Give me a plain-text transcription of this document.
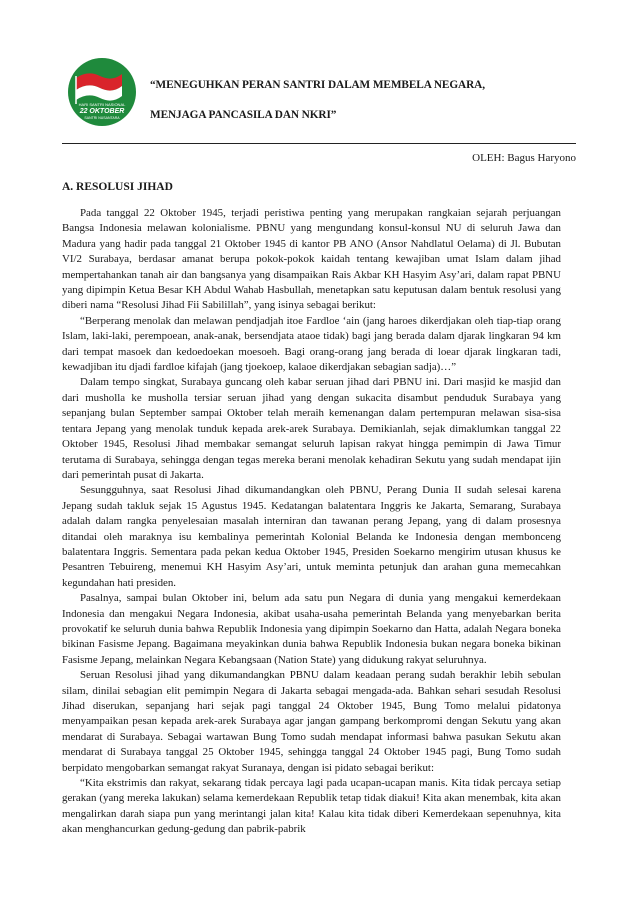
HARI SANTRI NASIONAL
22 OKTOBER
SANTRI NUSANTARA
“MENEGUHKAN PERAN SANTRI DALAM MEMBELA NEGARA,
MENJAGA PANCASILA DAN NKRI”
OLEH: Bagus Haryono
A. RESOLUSI JIHAD

Pada tanggal 22 Oktober 1945, terjadi peristiwa penting yang merupakan rangkaian sejarah perjuangan Bangsa Indonesia melawan kolonialisme. PBNU yang mengundang konsul-konsul NU di seluruh Jawa dan Madura yang hadir pada tanggal 21 Oktober 1945 di kantor PB ANO (Ansor Nahdlatul Oelama) di Jl. Bubutan VI/2 Surabaya, berdasar amanat berupa pokok-pokok kaidah tentang kewajiban umat Islam dalam jihad mempertahankan tanah air dan bangsanya yang disampaikan Rais Akbar KH Hasyim Asy’ari, dalam rapat PBNU yang dipimpin Ketua Besar KH Abdul Wahab Hasbullah, menetapkan satu keputusan dalam bentuk resolusi yang diberi nama “Resolusi Jihad Fii Sabilillah”, yang isinya sebagai berikut:

“Berperang menolak dan melawan pendjadjah itoe Fardloe ‘ain (jang haroes dikerdjakan oleh tiap-tiap orang Islam, laki-laki, perempoean, anak-anak, bersendjata ataoe tidak) bagi jang berada dalam djarak lingkaran 94 km dari tempat masoek dan kedoedoekan moesoeh. Bagi orang-orang jang berada di loear djarak lingkaran tadi, kewadjiban itu djadi fardloe kifajah (jang tjoekoep, kalaoe dikerdjakan sebagian sadja)…”

Dalam tempo singkat, Surabaya guncang oleh kabar seruan jihad dari PBNU ini. Dari masjid ke masjid dan dari musholla ke musholla tersiar seruan jihad yang dengan sukacita disambut penduduk Surabaya yang sepanjang bulan September sampai Oktober telah meraih kemenangan dalam pertempuran melawan sisa-sisa tentara Jepang yang menolak tunduk kepada arek-arek Surabaya. Demikianlah, sejak dimaklumkan tanggal 22 Oktober 1945, Resolusi Jihad membakar semangat seluruh lapisan rakyat hingga pemimpin di Jawa Timur terutama di Surabaya, sehingga dengan tegas mereka berani menolak kehadiran Sekutu yang sudah mendapat ijin dari pemerintah pusat di Jakarta.

Sesungguhnya, saat Resolusi Jihad dikumandangkan oleh PBNU, Perang Dunia II sudah selesai karena Jepang sudah takluk sejak 15 Agustus 1945. Kedatangan balatentara Inggris ke Jakarta, Semarang, Surabaya adalah dalam rangka penyelesaian masalah interniran dan tawanan perang Jepang, yang di dalam prosesnya ditandai oleh maraknya isu kembalinya pemerintah Kolonial Belanda ke Indonesia dengan membonceng balatentara Inggris. Sementara pada pekan kedua Oktober 1945, Presiden Soekarno mengirim utusan khusus ke Pesantren Tebuireng, menemui KH Hasyim Asy’ari, untuk meminta petunjuk dan arahan guna memecahkan kegundahan hati presiden.

Pasalnya, sampai bulan Oktober ini, belum ada satu pun Negara di dunia yang mengakui kemerdekaan Indonesia dan mengakui Negara Indonesia, akibat usaha-usaha pemerintah Belanda yang menyebarkan berita provokatif ke seluruh dunia bahwa Republik Indonesia yang dipimpin Soekarno dan Hatta, adalah Negara boneka bikinan Fasisme Jepang. Bagaimana meyakinkan dunia bahwa Republik Indonesia bukan negara boneka bikinan Fasisme Jepang, melainkan Negara Kebangsaan (Nation State) yang didukung rakyat seluruhnya.

Seruan Resolusi jihad yang dikumandangkan PBNU dalam keadaan perang sudah berakhir lebih sebulan silam, dinilai sebagian elit pemimpin Negara di Jakarta sebagai mengada-ada. Bahkan sehari sesudah Resolusi Jihad diserukan, sepanjang hari sejak pagi tanggal 24 Oktober 1945, Bung Tomo melalui pidatonya menyampaikan pesan kepada arek-arek Surabaya agar jangan gampang berkompromi dengan Sekutu yang akan mendarat di Surabaya. Sebagai wartawan Bung Tomo sudah mendapat informasi bahwa pasukan Sekutu akan mendarat di Surabaya tanggal 25 Oktober 1945, sehingga tanggal 24 Oktober 1945 pagi, Bung Tomo sudah berpidato mengobarkan semangat rakyat Suranaya, dengan isi pidato sebagai berikut:

“Kita ekstrimis dan rakyat, sekarang tidak percaya lagi pada ucapan-ucapan manis. Kita tidak percaya setiap gerakan (yang mereka lakukan) selama kemerdekaan Republik tetap tidak diakui! Kita akan menembak, kita akan mengalirkan darah siapa pun yang merintangi jalan kita! Kalau kita tidak diberi Kemerdekaan sepenuhnya, kita akan menghancurkan gedung-gedung dan pabrik-pabrik
